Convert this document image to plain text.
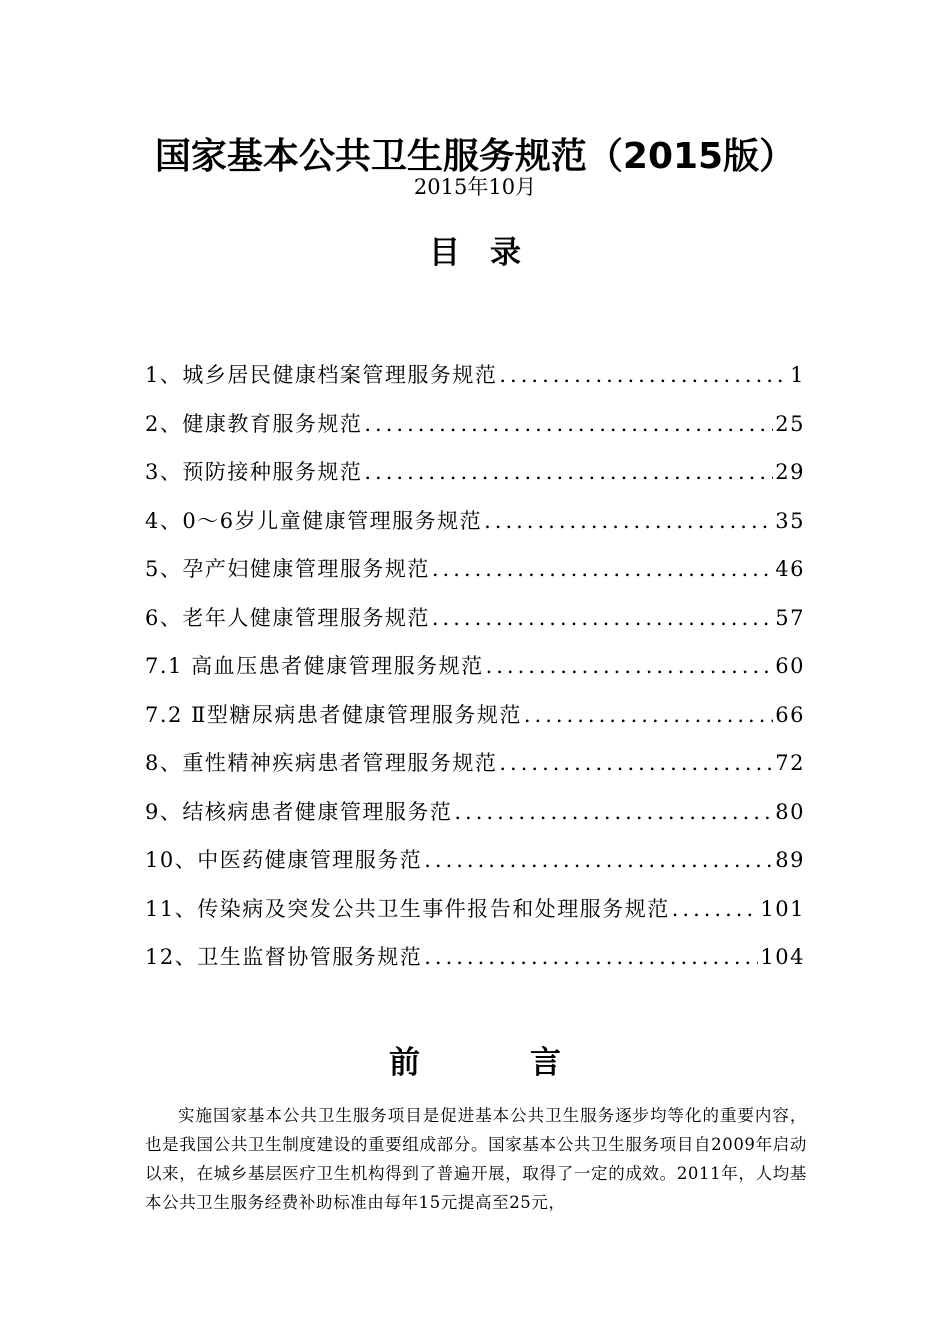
国家基本公共卫生服务规范（2015版）
2015年10月
目录
1、城乡居民健康档案管理服务规范 .....	1
2、健康教育服务规范 .....	25
3、预防接种服务规范 .....	29
4、0～6岁儿童健康管理服务规范 .....	35
5、孕产妇健康管理服务规范 .....	46
6、老年人健康管理服务规范 .....	57
7.1 高血压患者健康管理服务规范 .....	60
7.2 Ⅱ型糖尿病患者健康管理服务规范 .....	66
8、重性精神疾病患者管理服务规范 .....	72
9、结核病患者健康管理服务范 .....	80
10、中医药健康管理服务范 .....	89
11、传染病及突发公共卫生事件报告和处理服务规范 .....	101
12、卫生监督协管服务规范 .....	104
前	言

实施国家基本公共卫生服务项目是促进基本公共卫生服务逐步均等化的重要内容，也是我国公共卫生制度建设的重要组成部分。国家基本公共卫生服务项目自2009年启动以来，在城乡基层医疗卫生机构得到了普遍开展，取得了一定的成效。2011年，人均基本公共卫生服务经费补助标准由每年15元提高至25元，
